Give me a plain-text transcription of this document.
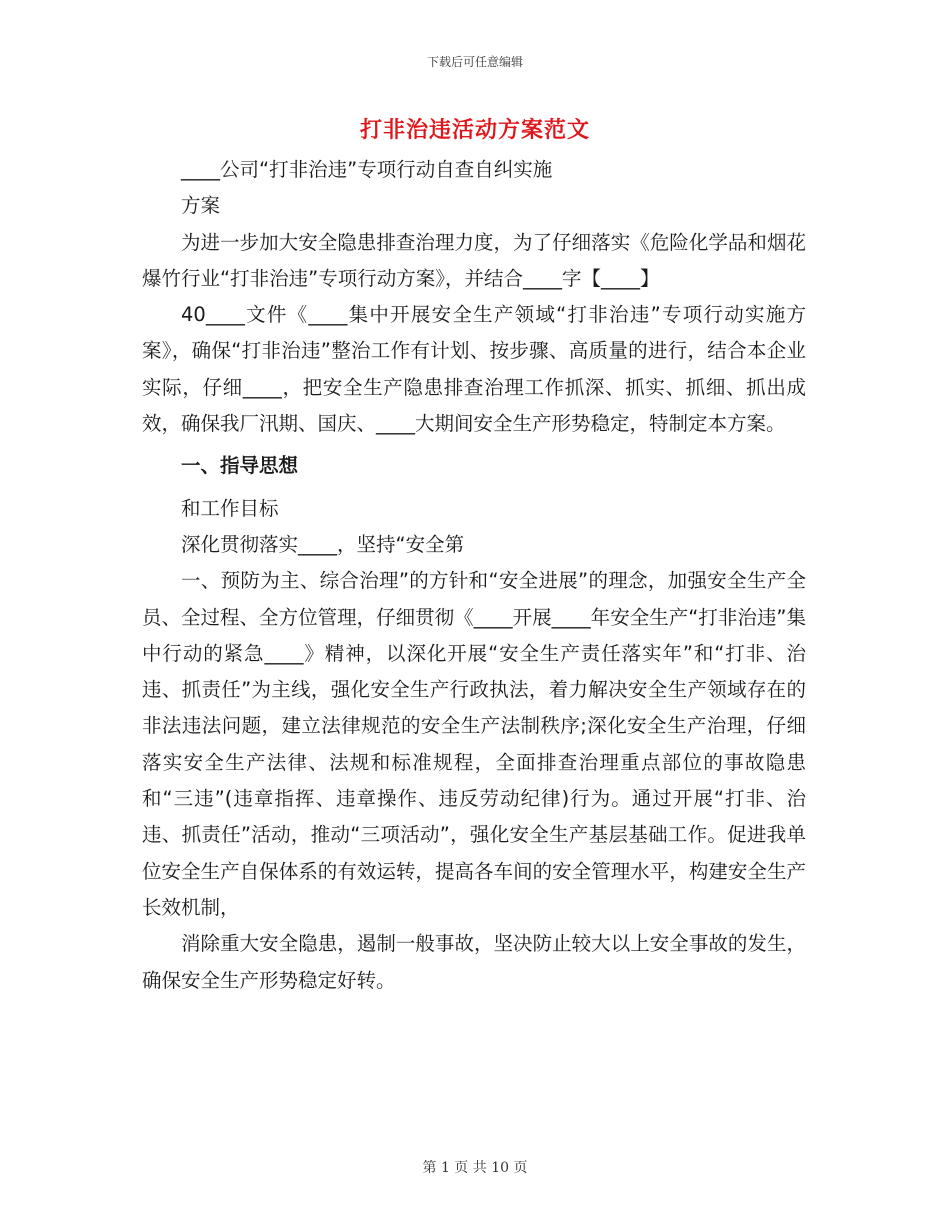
下载后可任意编辑
打非治违活动方案范文

____公司“打非治违”专项行动自查自纠实施

方案

为进一步加大安全隐患排查治理力度，为了仔细落实《危险化学品和烟花爆竹行业“打非治违”专项行动方案》，并结合____字【____】

40____文件《____集中开展安全生产领域“打非治违”专项行动实施方案》，确保“打非治违”整治工作有计划、按步骤、高质量的进行，结合本企业实际，仔细____，把安全生产隐患排查治理工作抓深、抓实、抓细、抓出成效，确保我厂汛期、国庆、____大期间安全生产形势稳定，特制定本方案。

一、指导思想

和工作目标

深化贯彻落实____，坚持“安全第

一、预防为主、综合治理”的方针和“安全进展”的理念，加强安全生产全员、全过程、全方位管理，仔细贯彻《____开展____年安全生产“打非治违”集中行动的紧急____》精神，以深化开展“安全生产责任落实年”和“打非、治违、抓责任”为主线，强化安全生产行政执法，着力解决安全生产领域存在的非法违法问题，建立法律规范的安全生产法制秩序;深化安全生产治理，仔细落实安全生产法律、法规和标准规程，全面排查治理重点部位的事故隐患和“三违”(违章指挥、违章操作、违反劳动纪律)行为。通过开展“打非、治违、抓责任”活动，推动“三项活动”，强化安全生产基层基础工作。促进我单位安全生产自保体系的有效运转，提高各车间的安全管理水平，构建安全生产长效机制，

消除重大安全隐患，遏制一般事故，坚决防止较大以上安全事故的发生，确保安全生产形势稳定好转。

第 1 页 共 10 页
